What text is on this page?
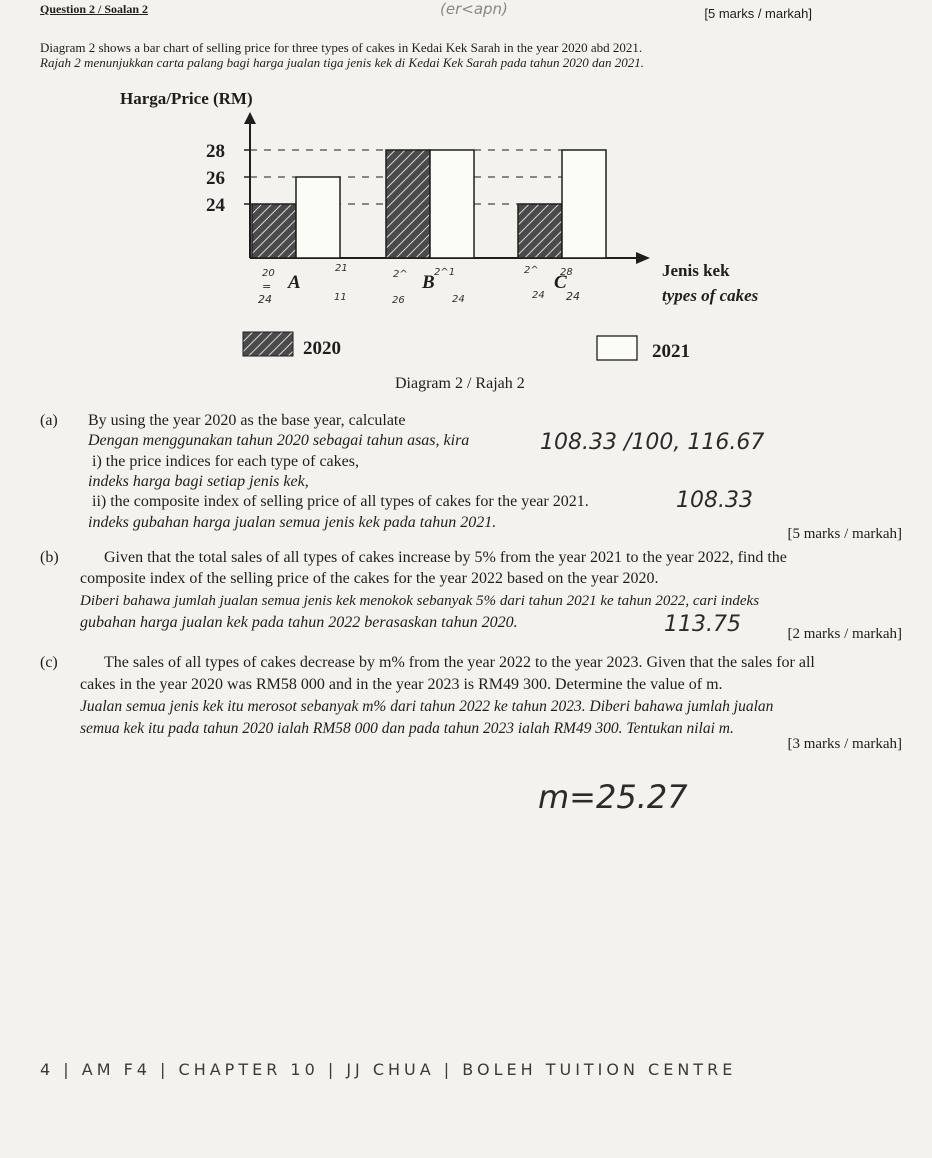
Question 2 / Soalan 2	(er<apn)	[5 marks / markah]
Diagram 2 shows a bar chart of selling price for three types of cakes in Kedai Kek Sarah in the year 2020 abd 2021.
Rajah 2 menunjukkan carta palang bagi harga jualan tiga jenis kek di Kedai Kek Sarah pada tahun 2020 dan 2021.
Harga/Price (RM)
24
26
28
A	B	C
Jenis kek
types of cakes
2020	2021
Diagram 2 / Rajah 2
20
=
24
21
11
2^	2^1
26	24
2^ 28
24 24
(a) By using the year 2020 as the base year, calculate
Dengan menggunakan tahun 2020 sebagai tahun asas, kira
i) the price indices for each type of cakes,
indeks harga bagi setiap jenis kek,
ii) the composite index of selling price of all types of cakes for the year 2021.
indeks gubahan harga jualan semua jenis kek pada tahun 2021.
108.33 /100, 116.67
108.33
[5 marks / markah]
(b)	Given that the total sales of all types of cakes increase by 5% from the year 2021 to the year 2022, find the
composite index of the selling price of the cakes for the year 2022 based on the year 2020.
Diberi bahawa jumlah jualan semua jenis kek menokok sebanyak 5% dari tahun 2021 ke tahun 2022, cari indeks
gubahan harga jualan kek pada tahun 2022 berasaskan tahun 2020.	113.75	[2 marks / markah]
(c)	The sales of all types of cakes decrease by m% from the year 2022 to the year 2023. Given that the sales for all
cakes in the year 2020 was RM58 000 and in the year 2023 is RM49 300. Determine the value of m.
Jualan semua jenis kek itu merosot sebanyak m% dari tahun 2022 ke tahun 2023. Diberi bahawa jumlah jualan
semua kek itu pada tahun 2020 ialah RM58 000 dan pada tahun 2023 ialah RM49 300. Tentukan nilai m.
[3 marks / markah]
m=25.27
4 | AM F4 | CHAPTER 10 | JJ CHUA | BOLEH TUITION CENTRE
